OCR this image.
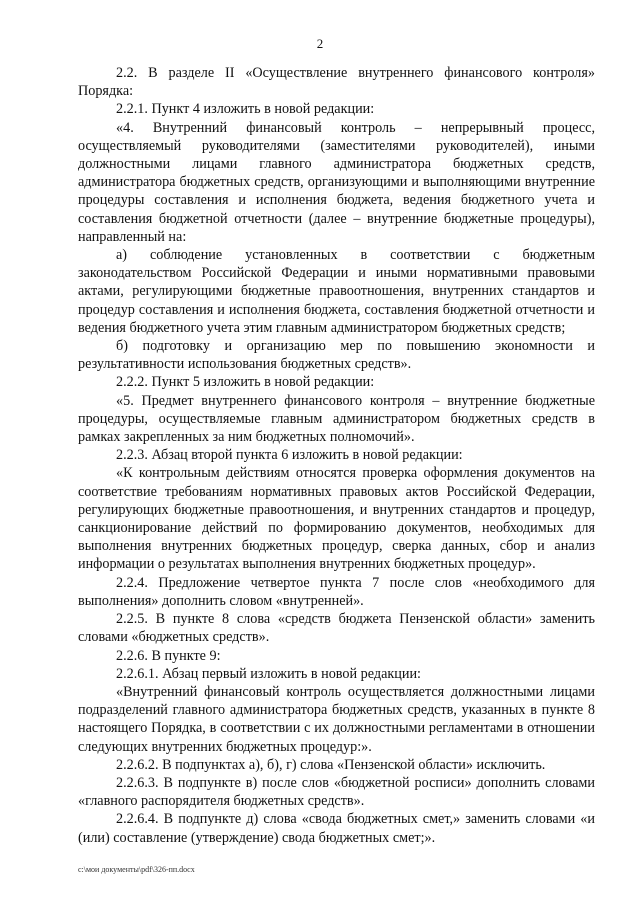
2

2.2. В разделе II «Осуществление внутреннего финансового контроля» Порядка:

2.2.1. Пункт 4 изложить в новой редакции:

«4. Внутренний финансовый контроль – непрерывный процесс, осуществляемый руководителями (заместителями руководителей), иными должностными лицами главного администратора бюджетных средств, администратора бюджетных средств, организующими и выполняющими внутренние процедуры составления и исполнения бюджета, ведения бюджетного учета и составления бюджетной отчетности (далее – внутренние бюджетные процедуры), направленный на:

а) соблюдение установленных в соответствии с бюджетным законодательством Российской Федерации и иными нормативными правовыми актами, регулирующими бюджетные правоотношения, внутренних стандартов и процедур составления и исполнения бюджета, составления бюджетной отчетности и ведения бюджетного учета этим главным администратором бюджетных средств;

б) подготовку и организацию мер по повышению экономности и результативности использования бюджетных средств».

2.2.2. Пункт 5 изложить в новой редакции:

«5. Предмет внутреннего финансового контроля – внутренние бюджетные процедуры, осуществляемые главным администратором бюджетных средств в рамках закрепленных за ним бюджетных полномочий».

2.2.3. Абзац второй пункта 6 изложить в новой редакции:

«К контрольным действиям относятся проверка оформления документов на соответствие требованиям нормативных правовых актов Российской Федерации, регулирующих бюджетные правоотношения, и внутренних стандартов и процедур, санкционирование действий по формированию документов, необходимых для выполнения внутренних бюджетных процедур, сверка данных, сбор и анализ информации о результатах выполнения внутренних бюджетных процедур».

2.2.4. Предложение четвертое пункта 7 после слов «необходимого для выполнения» дополнить словом «внутренней».

2.2.5. В пункте 8 слова «средств бюджета Пензенской области» заменить словами «бюджетных средств».

2.2.6. В пункте 9:

2.2.6.1. Абзац первый изложить в новой редакции:

«Внутренний финансовый контроль осуществляется должностными лицами подразделений главного администратора бюджетных средств, указанных в пункте 8 настоящего Порядка, в соответствии с их должностными регламентами в отношении следующих внутренних бюджетных процедур:».

2.2.6.2. В подпунктах а), б), г) слова «Пензенской области» исключить.

2.2.6.3. В подпункте в) после слов «бюджетной росписи» дополнить словами «главного распорядителя бюджетных средств».

2.2.6.4. В подпункте д) слова «свода бюджетных смет,» заменить словами «и (или) составление (утверждение) свода бюджетных смет;».

c:\мои документы\pdf\326-пп.docx
